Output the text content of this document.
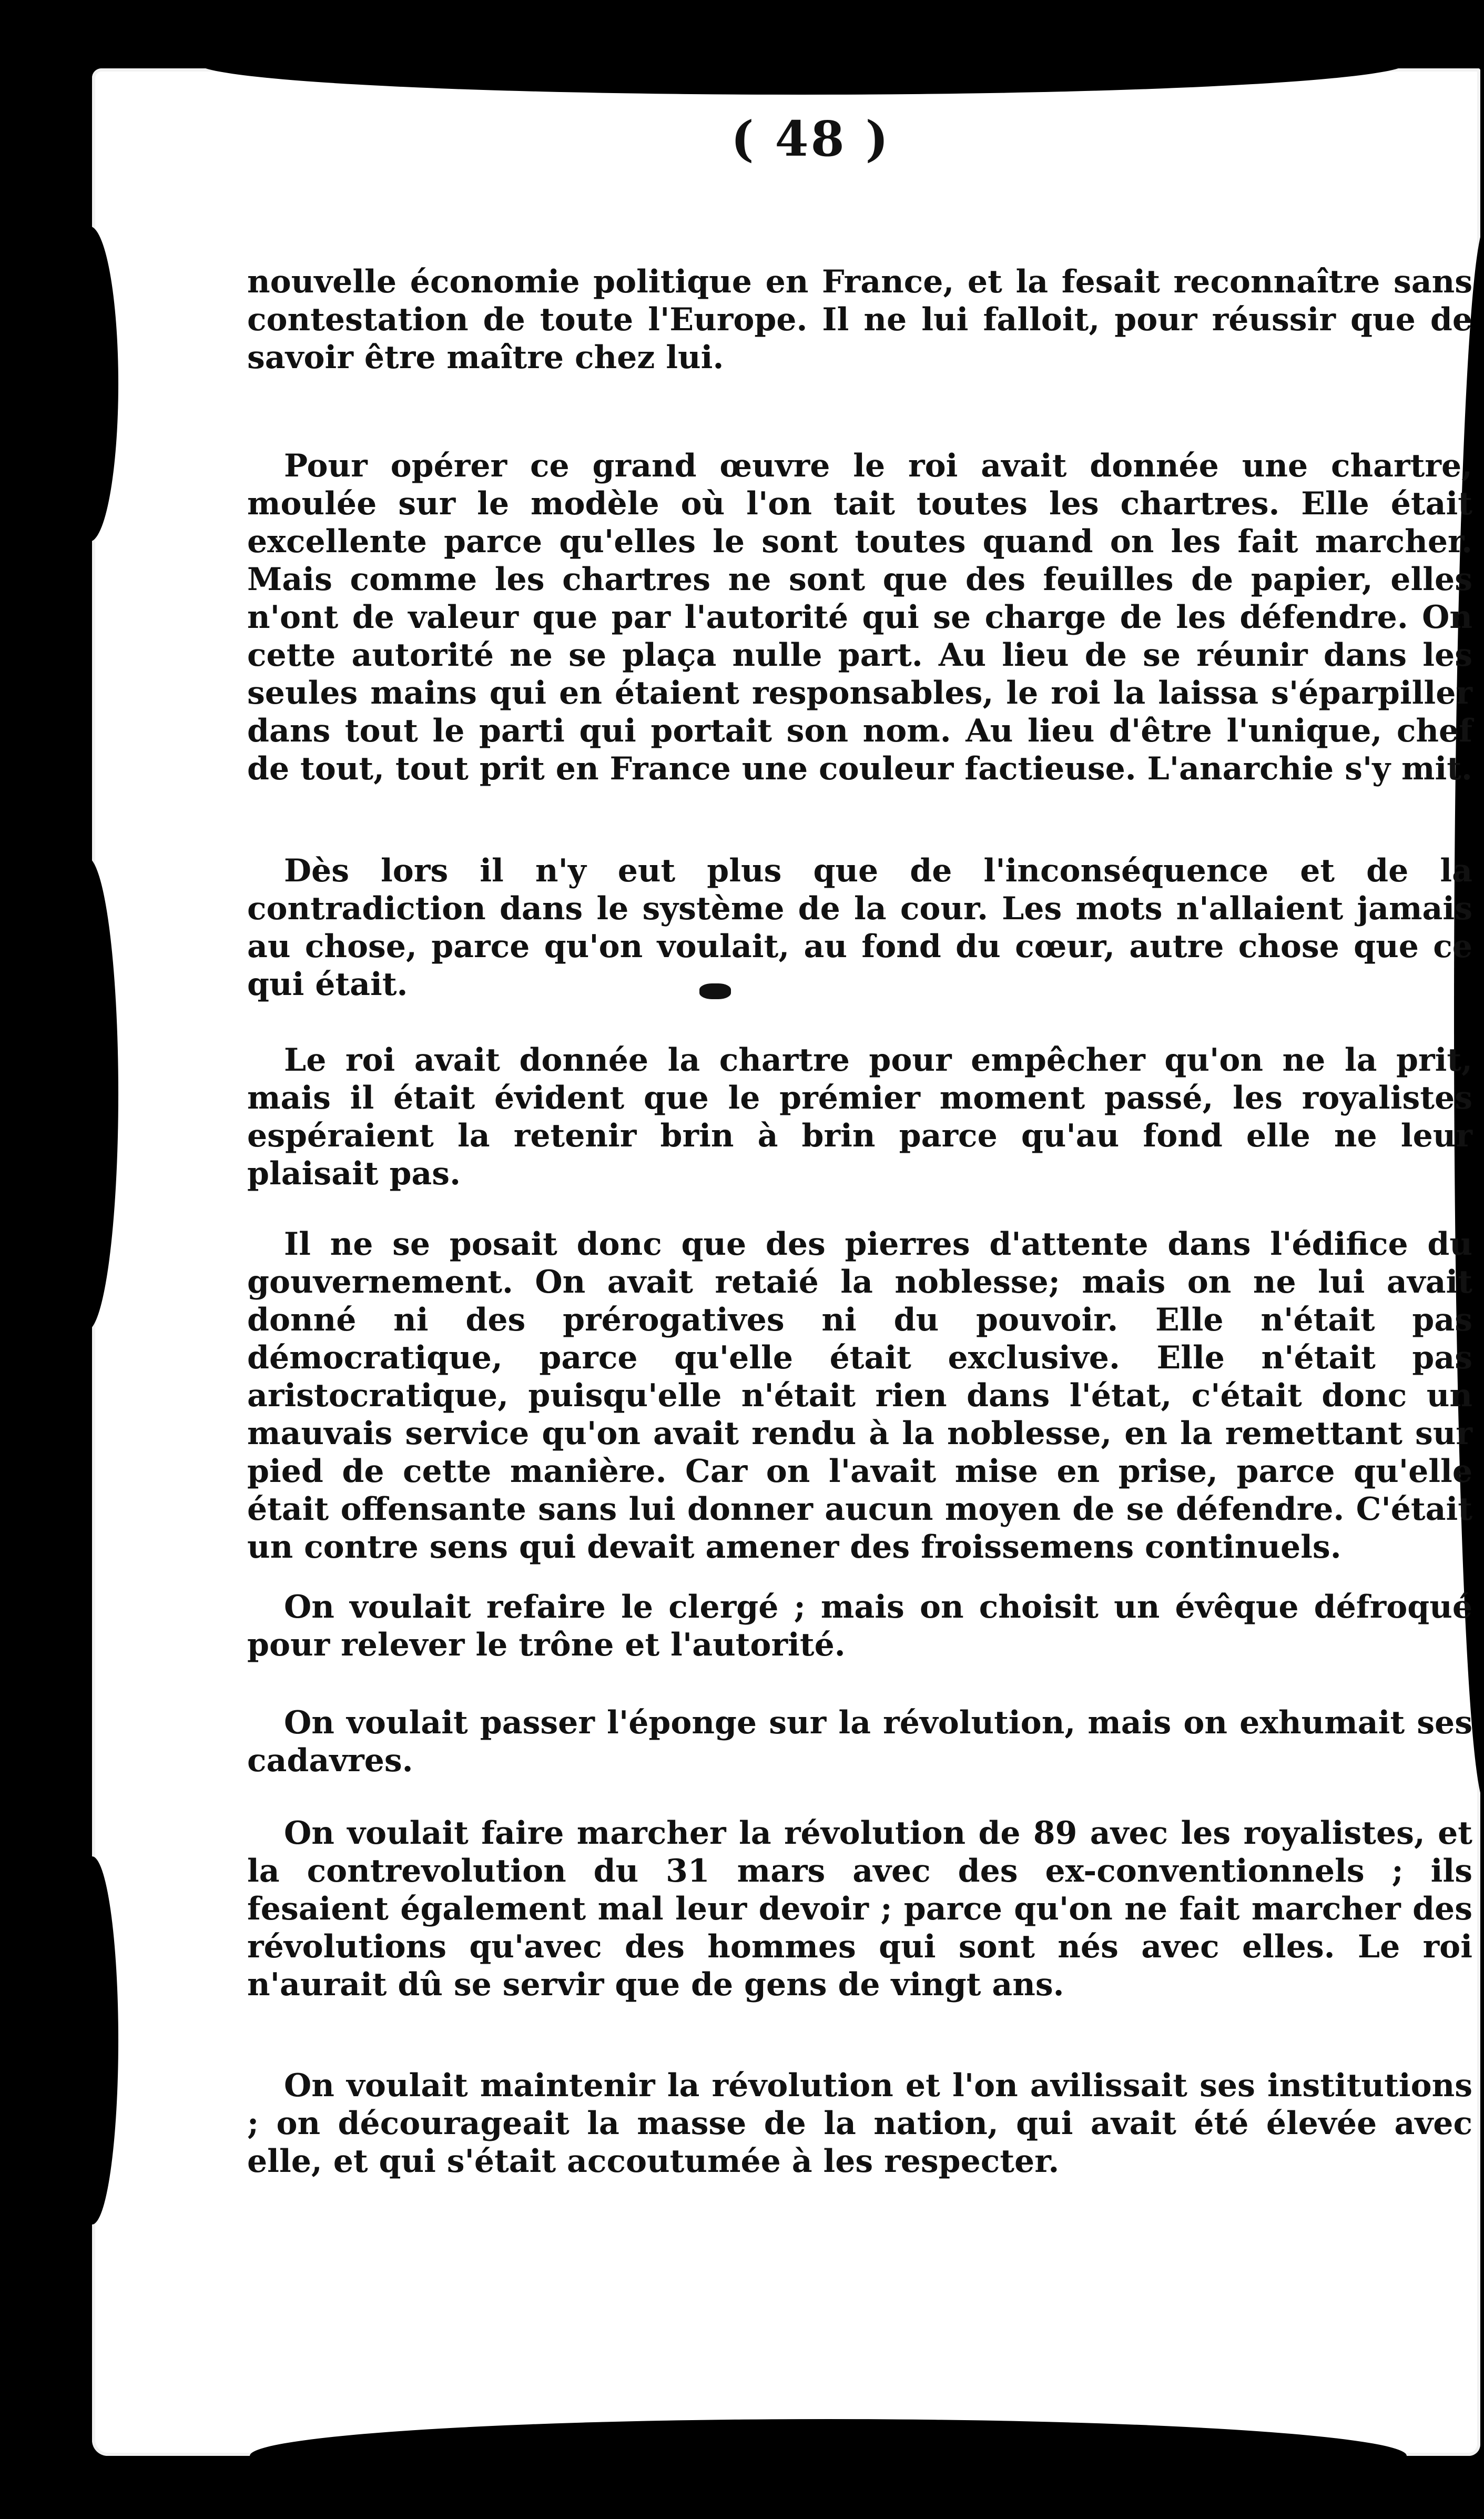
( 48 )

nouvelle économie politique en France, et la fesait reconnaître sans contestation de toute l'Europe. Il ne lui falloit, pour réussir que de savoir être maître chez lui.

Pour opérer ce grand œuvre le roi avait donnée une chartre, moulée sur le modèle où l'on tait toutes les chartres. Elle était excellente parce qu'elles le sont toutes quand on les fait marcher. Mais comme les chartres ne sont que des feuilles de papier, elles n'ont de valeur que par l'autorité qui se charge de les défendre. On cette autorité ne se plaça nulle part. Au lieu de se réunir dans les seules mains qui en étaient responsables, le roi la laissa s'éparpiller dans tout le parti qui portait son nom. Au lieu d'être l'unique, chef de tout, tout prit en France une couleur factieuse. L'anarchie s'y mit.

Dès lors il n'y eut plus que de l'inconséquence et de la contradiction dans le système de la cour. Les mots n'allaient jamais au chose, parce qu'on voulait, au fond du cœur, autre chose que ce qui était.

Le roi avait donnée la chartre pour empêcher qu'on ne la prit, mais il était évident que le prémier moment passé, les royalistes espéraient la retenir brin à brin parce qu'au fond elle ne leur plaisait pas.

Il ne se posait donc que des pierres d'attente dans l'édifice du gouvernement. On avait retaié la noblesse; mais on ne lui avait donné ni des prérogatives ni du pouvoir. Elle n'était pas démocratique, parce qu'elle était exclusive. Elle n'était pas aristocratique, puisqu'elle n'était rien dans l'état, c'était donc un mauvais service qu'on avait rendu à la noblesse, en la remettant sur pied de cette manière. Car on l'avait mise en prise, parce qu'elle était offensante sans lui donner aucun moyen de se défendre. C'était un contre sens qui devait amener des froissemens continuels.

On voulait refaire le clergé ; mais on choisit un évêque défroqué pour relever le trône et l'autorité.

On voulait passer l'éponge sur la révolution, mais on exhumait ses cadavres.

On voulait faire marcher la révolution de 89 avec les royalistes, et la contrevolution du 31 mars avec des ex-conventionnels ; ils fesaient également mal leur devoir ; parce qu'on ne fait marcher des révolutions qu'avec des hommes qui sont nés avec elles. Le roi n'aurait dû se servir que de gens de vingt ans.

On voulait maintenir la révolution et l'on avilissait ses institutions ; on décourageait la masse de la nation, qui avait été élevée avec elle, et qui s'était accoutumée à les respecter.
